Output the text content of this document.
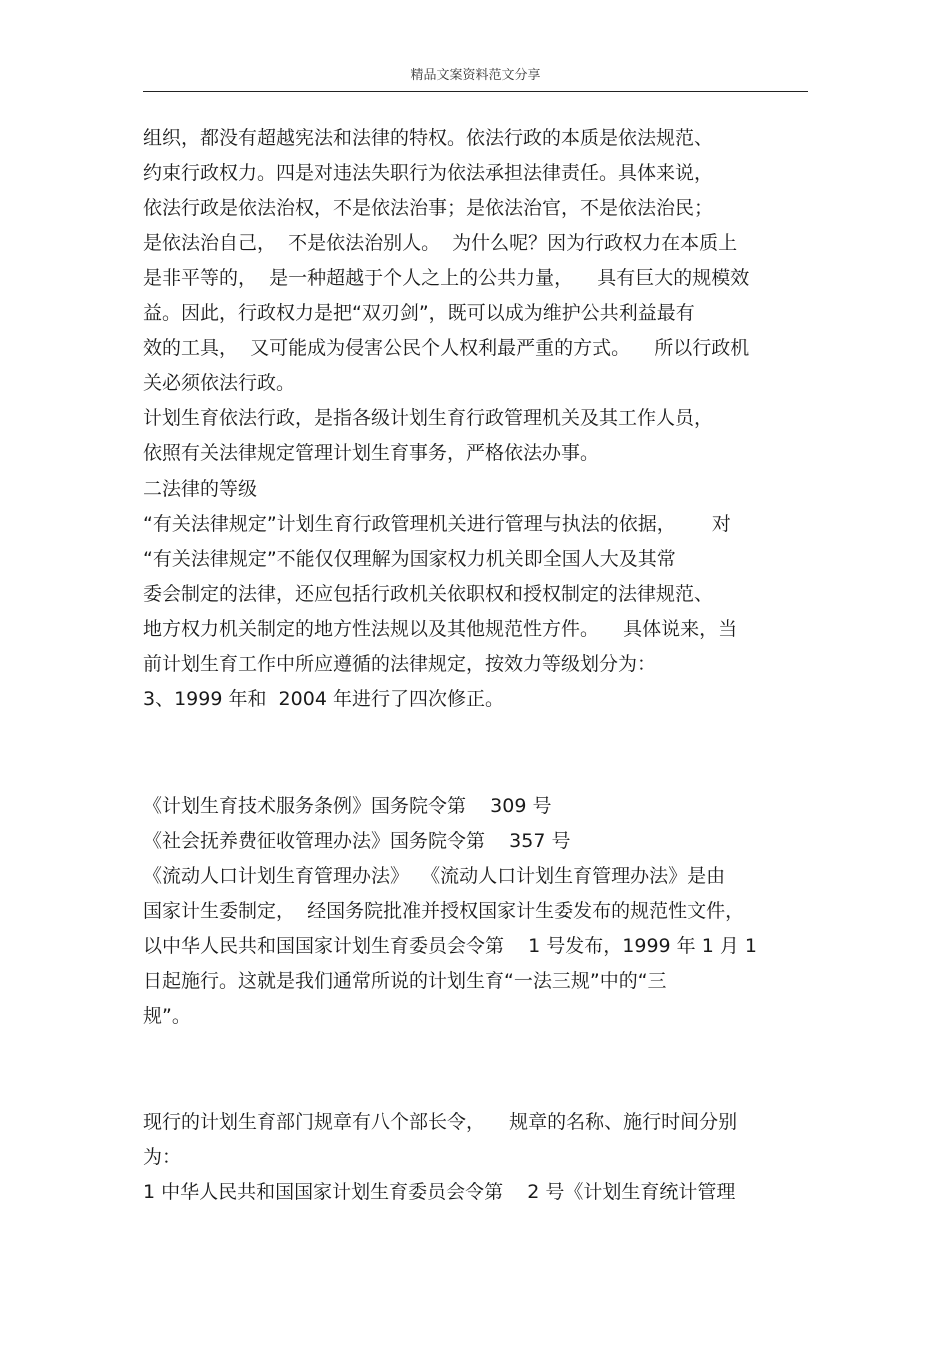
精品文案资料范文分享
组织，都没有超越宪法和法律的特权。依法行政的本质是依法规范、
约束行政权力。四是对违法失职行为依法承担法律责任。具体来说，
依法行政是依法治权，不是依法治事；是依法治官，不是依法治民；
是依法治自己，  不是依法治别人。  为什么呢？因为行政权力在本质上
是非平等的，  是一种超越于个人之上的公共力量，    具有巨大的规模效
益。因此，行政权力是把“双刃剑”，既可以成为维护公共利益最有
效的工具，  又可能成为侵害公民个人权利最严重的方式。    所以行政机
关必须依法行政。
计划生育依法行政，是指各级计划生育行政管理机关及其工作人员，
依照有关法律规定管理计划生育事务，严格依法办事。
二法律的等级
“有关法律规定”计划生育行政管理机关进行管理与执法的依据，      对
“有关法律规定”不能仅仅理解为国家权力机关即全国人大及其常
委会制定的法律，还应包括行政机关依职权和授权制定的法律规范、
地方权力机关制定的地方性法规以及其他规范性方件。    具体说来，当
前计划生育工作中所应遵循的法律规定，按效力等级划分为：
3、1999 年和  2004 年进行了四次修正。
《计划生育技术服务条例》国务院令第    309 号
《社会抚养费征收管理办法》国务院令第    357 号
《流动人口计划生育管理办法》  《流动人口计划生育管理办法》是由
国家计生委制定，  经国务院批准并授权国家计生委发布的规范性文件，
以中华人民共和国国家计划生育委员会令第    1 号发布，1999 年 1 月 1
日起施行。这就是我们通常所说的计划生育“一法三规”中的“三
规”。
现行的计划生育部门规章有八个部长令，    规章的名称、施行时间分别
为：
1 中华人民共和国国家计划生育委员会令第    2 号《计划生育统计管理
